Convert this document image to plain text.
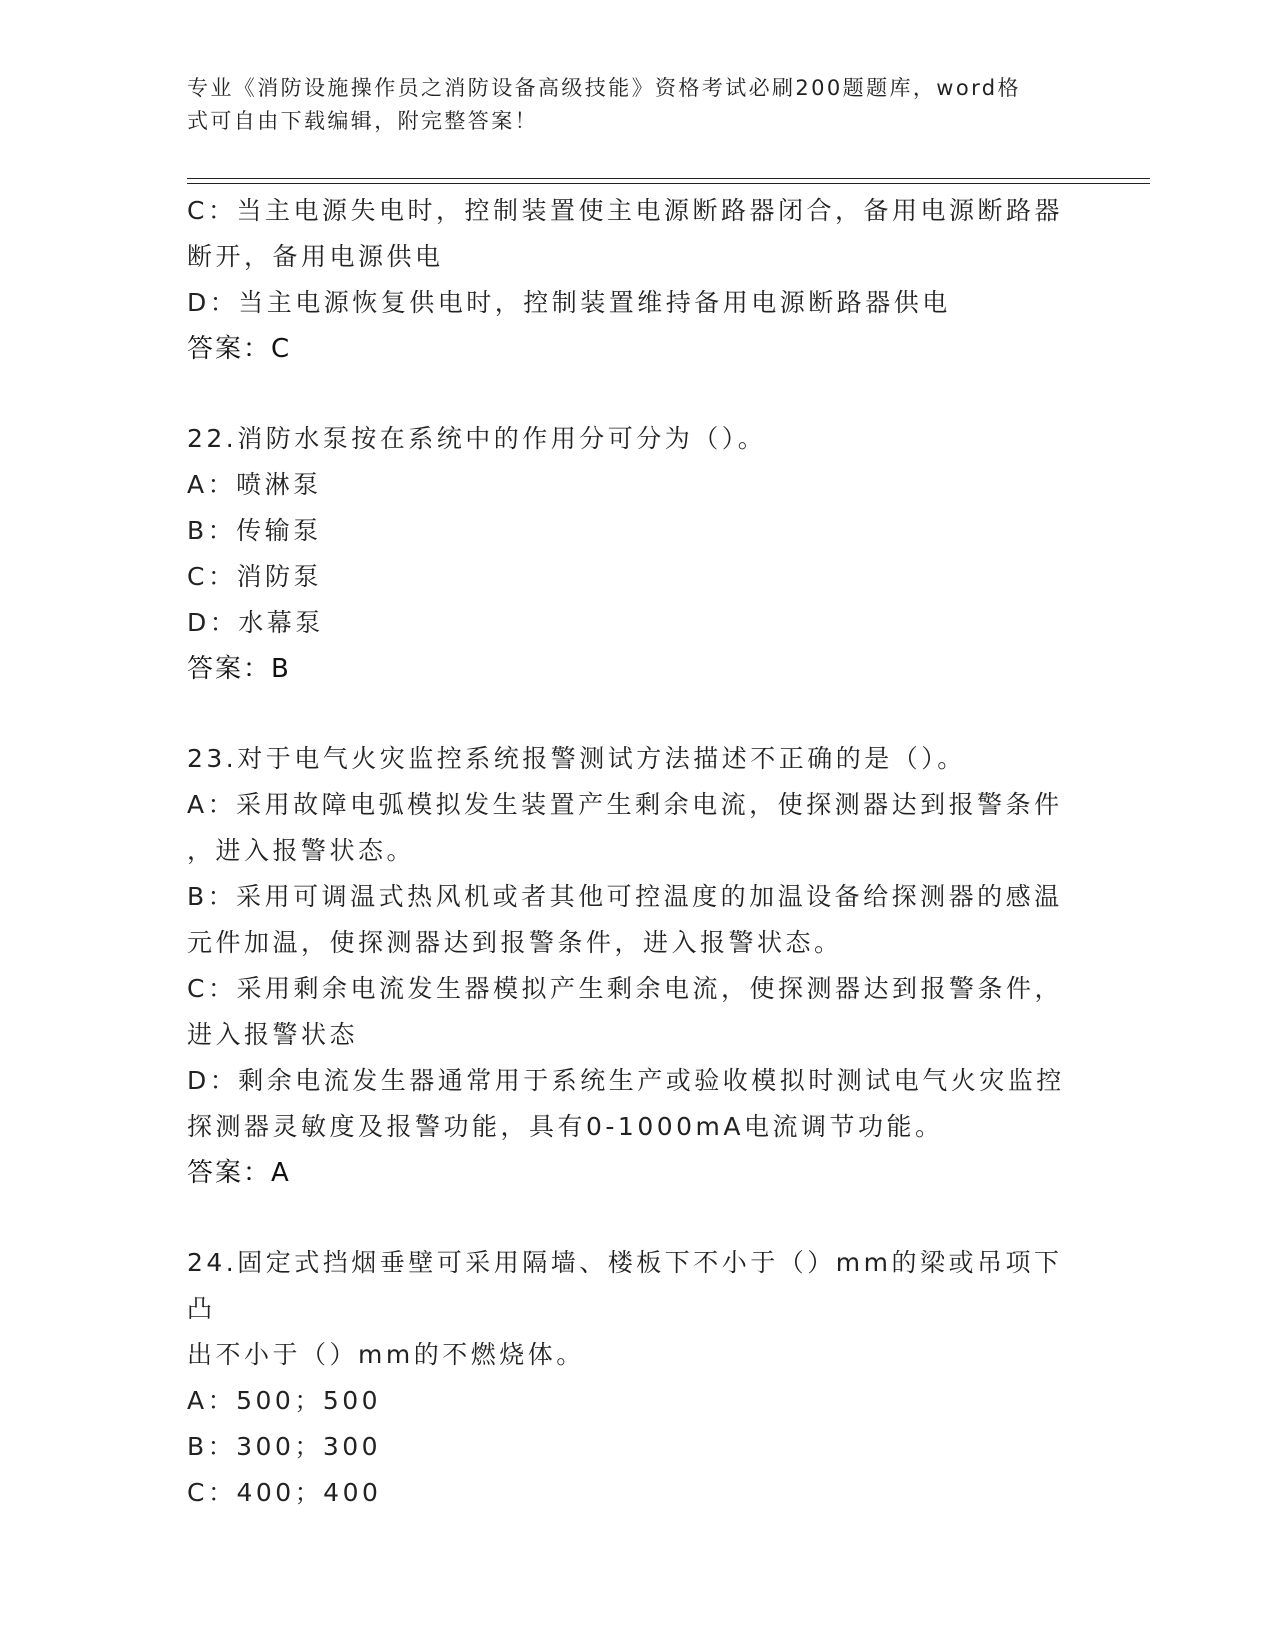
专业《消防设施操作员之消防设备高级技能》资格考试必刷200题题库，word格
式可自由下载编辑，附完整答案！
C：当主电源失电时，控制装置使主电源断路器闭合，备用电源断路器
断开，备用电源供电
D：当主电源恢复供电时，控制装置维持备用电源断路器供电
答案：C
22.消防水泵按在系统中的作用分可分为（）。
A：喷淋泵
B：传输泵
C：消防泵
D：水幕泵
答案：B
23.对于电气火灾监控系统报警测试方法描述不正确的是（）。
A：采用故障电弧模拟发生装置产生剩余电流，使探测器达到报警条件
，进入报警状态。
B：采用可调温式热风机或者其他可控温度的加温设备给探测器的感温
元件加温，使探测器达到报警条件，进入报警状态。
C：采用剩余电流发生器模拟产生剩余电流，使探测器达到报警条件，
进入报警状态
D：剩余电流发生器通常用于系统生产或验收模拟时测试电气火灾监控
探测器灵敏度及报警功能，具有0-1000mA电流调节功能。
答案：A
24.固定式挡烟垂壁可采用隔墙、楼板下不小于（）mm的梁或吊项下凸
出不小于（）mm的不燃烧体。
A：500；500
B：300；300
C：400；400
